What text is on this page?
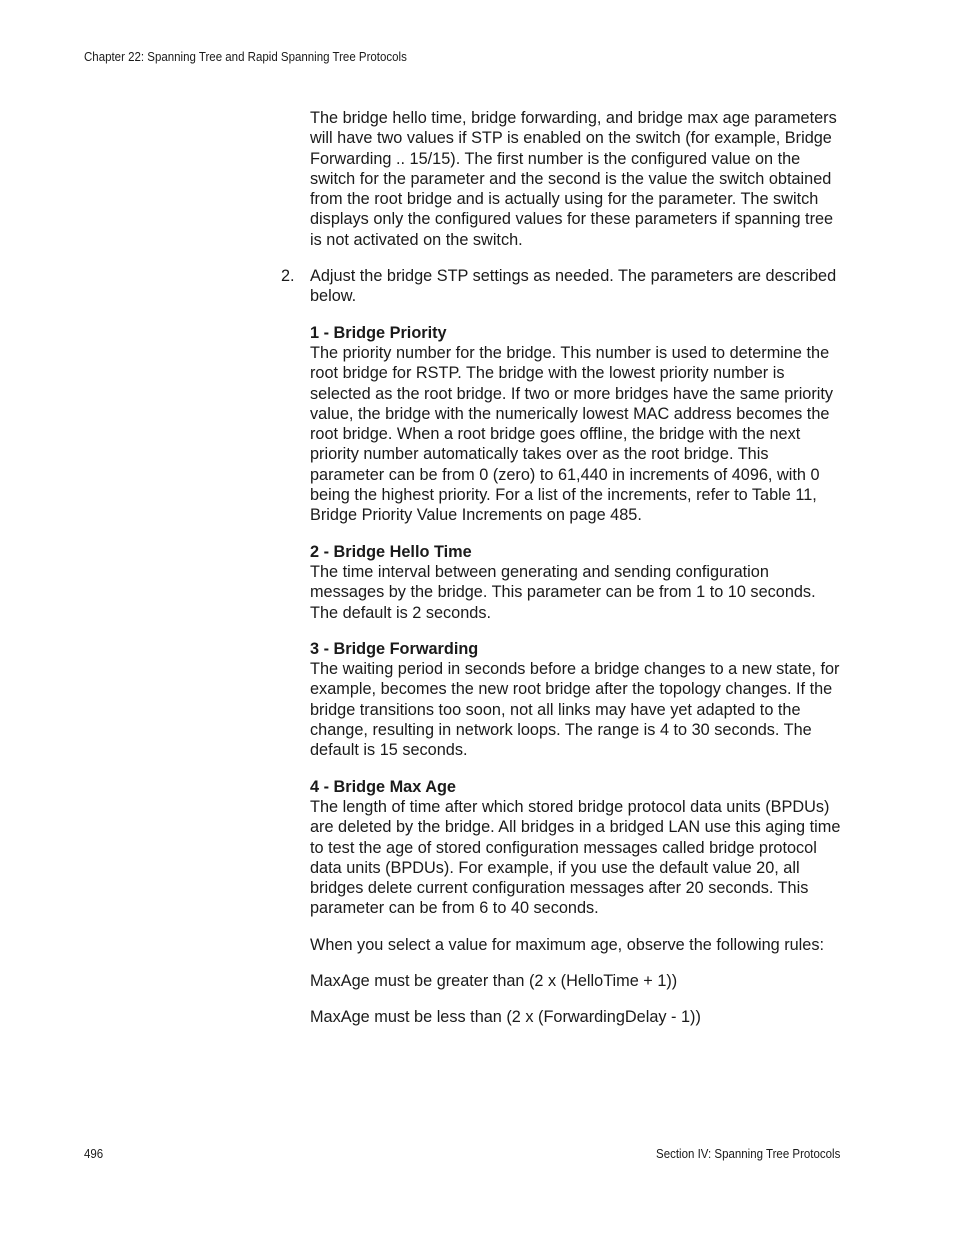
Chapter 22: Spanning Tree and Rapid Spanning Tree Protocols

The bridge hello time, bridge forwarding, and bridge max age parameters will have two values if STP is enabled on the switch (for example, Bridge Forwarding .. 15/15). The first number is the configured value on the switch for the parameter and the second is the value the switch obtained from the root bridge and is actually using for the parameter. The switch displays only the configured values for these parameters if spanning tree is not activated on the switch.

2. Adjust the bridge STP settings as needed. The parameters are described below.

1 - Bridge Priority

The priority number for the bridge. This number is used to determine the root bridge for RSTP. The bridge with the lowest priority number is selected as the root bridge. If two or more bridges have the same priority value, the bridge with the numerically lowest MAC address becomes the root bridge. When a root bridge goes offline, the bridge with the next priority number automatically takes over as the root bridge. This parameter can be from 0 (zero) to 61,440 in increments of 4096, with 0 being the highest priority. For a list of the increments, refer to Table 11, Bridge Priority Value Increments on page 485.

2 - Bridge Hello Time

The time interval between generating and sending configuration messages by the bridge. This parameter can be from 1 to 10 seconds. The default is 2 seconds.

3 - Bridge Forwarding

The waiting period in seconds before a bridge changes to a new state, for example, becomes the new root bridge after the topology changes. If the bridge transitions too soon, not all links may have yet adapted to the change, resulting in network loops. The range is 4 to 30 seconds. The default is 15 seconds.

4 - Bridge Max Age

The length of time after which stored bridge protocol data units (BPDUs) are deleted by the bridge. All bridges in a bridged LAN use this aging time to test the age of stored configuration messages called bridge protocol data units (BPDUs). For example, if you use the default value 20, all bridges delete current configuration messages after 20 seconds. This parameter can be from 6 to 40 seconds.

When you select a value for maximum age, observe the following rules:

MaxAge must be greater than (2 x (HelloTime + 1))

MaxAge must be less than (2 x (ForwardingDelay - 1))

496	Section IV: Spanning Tree Protocols
